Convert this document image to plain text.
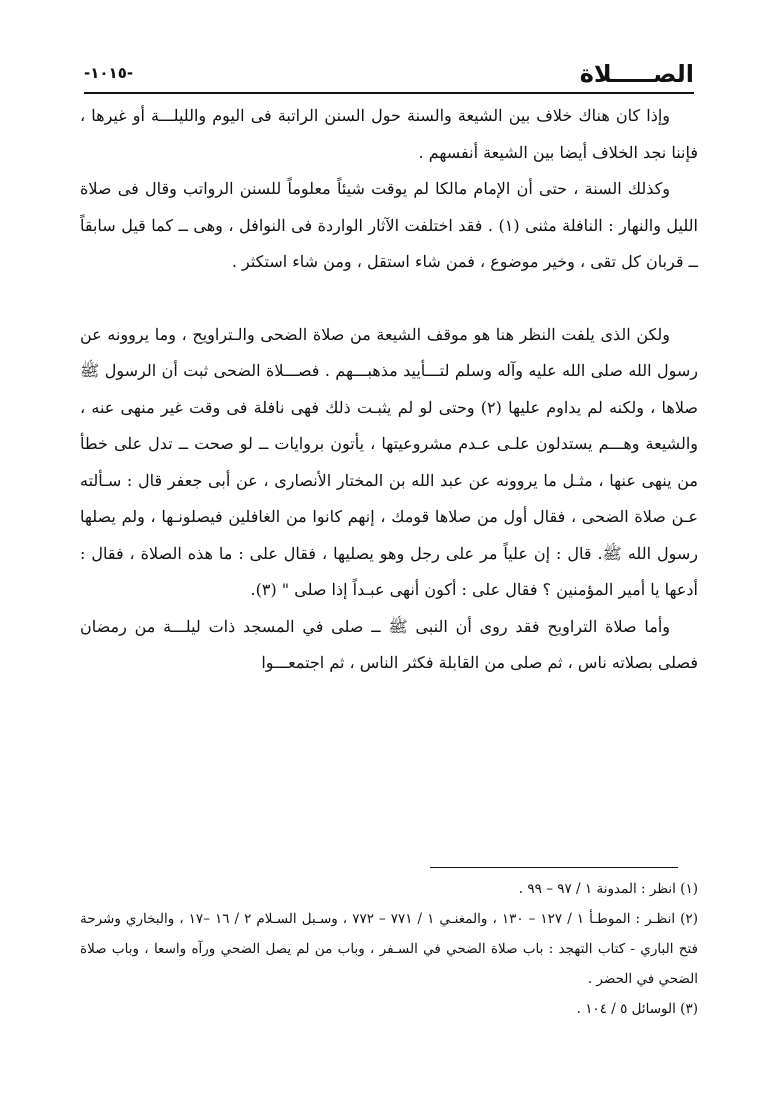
الصـــــلاة
-١٠١٥-

وإذا كان هناك خلاف بين الشيعة والسنة حول السنن الراتبة فى اليوم والليلـــة أو غيرها ، فإننا نجد الخلاف أيضا بين الشيعة أنفسهم .

وكذلك السنة ، حتى أن الإمام مالكا لم يوقت شيئاً معلوماً للسنن الرواتب وقال فى صلاة الليل والنهار : النافلة مثنى (١) . فقد اختلفت الآثار الواردة فى النوافل ، وهى ــ كما قيل سابقاً ــ قربان كل تقى ، وخير موضوع ، فمن شاء استقل ، ومن شاء استكثر .

ولكن الذى يلفت النظر هنا هو موقف الشيعة من صلاة الضحى والـتراويح ، وما يروونه عن رسول الله صلى الله عليه وآله وسلم لتـــأييد مذهبـــهم . فصـــلاة الضحى ثبت أن الرسول ﷺ صلاها ، ولكنه لم يداوم عليها (٢) وحتى لو لم يثبـت ذلك فهى نافلة فى وقت غير منهى عنه ، والشيعة وهـــم يستدلون علـى عـدم مشروعيتها ، يأتون بروايات ــ لو صحت ــ تدل على خطأ من ينهى عنها ، مثـل ما يروونه عن عبد الله بن المختار الأنصارى ، عن أبى جعفر قال : سـألته عـن صلاة الضحى ، فقال أول من صلاها قومك ، إنهم كانوا من الغافلين فيصلونـها ، ولم يصلها رسول الله ﷺ. قال : إن علياً مر على رجل وهو يصليها ، فقال على : ما هذه الصلاة ، فقال : أدعها يا أمير المؤمنين ؟ فقال على : أكون أنهى عبـداً إذا صلى " (٣).

وأما صلاة التراويح فقد روى أن النبى ﷺ ــ صلى في المسجد ذات ليلـــة من رمضان فصلى بصلاته ناس ، ثم صلى من القابلة فكثر الناس ، ثم اجتمعـــوا

(١) انظر : المدونة ١ / ٩٧ – ٩٩ .

(٢) انظـر : الموطـأ ١ / ١٢٧ – ١٣٠ ، والمغنـي ١ / ٧٧١ – ٧٧٢ ، وسـبل السـلام ٢ / ١٦ –١٧ ، والبخاري وشرحة فتح الباري - كتاب التهجد : باب صلاة الضحي في السـفر ، وباب من لم يصل الضحي ورآه واسعا ، وباب صلاة الضحي في الحضر .

(٣) الوسائل ٥ / ١٠٤ .
